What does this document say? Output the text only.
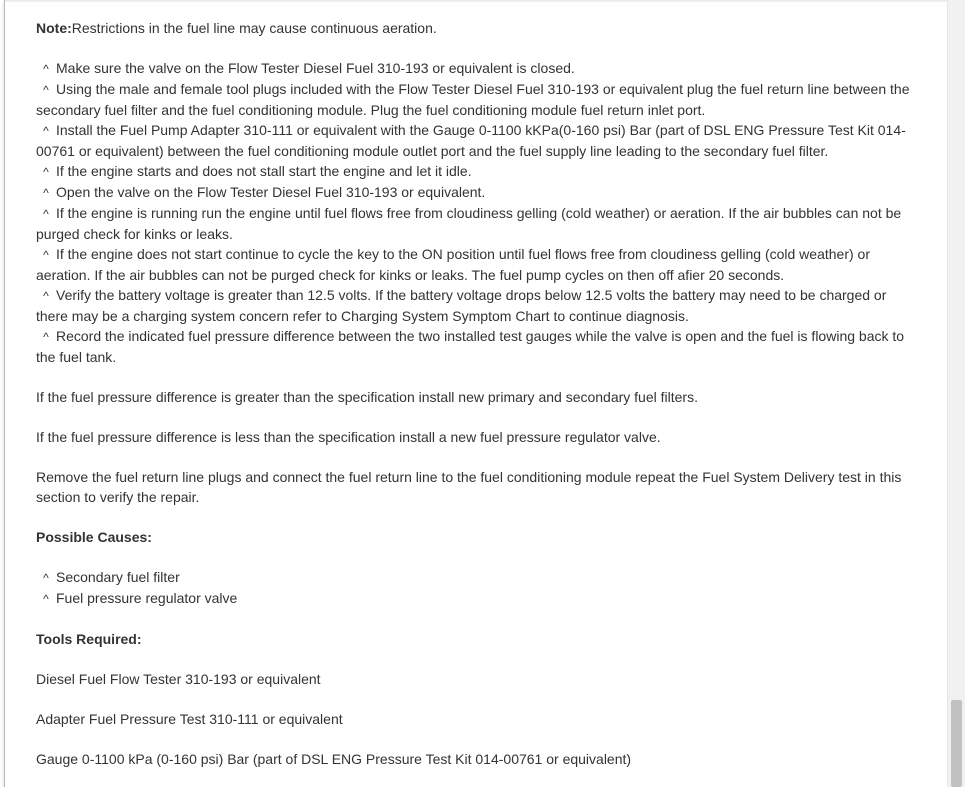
Note:Restrictions in the fuel line may cause continuous aeration.

^ Make sure the valve on the Flow Tester Diesel Fuel 310-193 or equivalent is closed.

^ Using the male and female tool plugs included with the Flow Tester Diesel Fuel 310-193 or equivalent plug the fuel return line between the secondary fuel filter and the fuel conditioning module. Plug the fuel conditioning module fuel return inlet port.

^ Install the Fuel Pump Adapter 310-111 or equivalent with the Gauge 0-1100 kKPa(0-160 psi) Bar (part of DSL ENG Pressure Test Kit 014-00761 or equivalent) between the fuel conditioning module outlet port and the fuel supply line leading to the secondary fuel filter.

^ If the engine starts and does not stall start the engine and let it idle.

^ Open the valve on the Flow Tester Diesel Fuel 310-193 or equivalent.

^ If the engine is running run the engine until fuel flows free from cloudiness gelling (cold weather) or aeration. If the air bubbles can not be purged check for kinks or leaks.

^ If the engine does not start continue to cycle the key to the ON position until fuel flows free from cloudiness gelling (cold weather) or aeration. If the air bubbles can not be purged check for kinks or leaks. The fuel pump cycles on then off afier 20 seconds.

^ Verify the battery voltage is greater than 12.5 volts. If the battery voltage drops below 12.5 volts the battery may need to be charged or there may be a charging system concern refer to Charging System Symptom Chart to continue diagnosis.

^ Record the indicated fuel pressure difference between the two installed test gauges while the valve is open and the fuel is flowing back to the fuel tank.

If the fuel pressure difference is greater than the specification install new primary and secondary fuel filters.

If the fuel pressure difference is less than the specification install a new fuel pressure regulator valve.

Remove the fuel return line plugs and connect the fuel return line to the fuel conditioning module repeat the Fuel System Delivery test in this section to verify the repair.

Possible Causes:

^ Secondary fuel filter

^ Fuel pressure regulator valve

Tools Required:

Diesel Fuel Flow Tester 310-193 or equivalent

Adapter Fuel Pressure Test 310-111 or equivalent

Gauge 0-1100 kPa (0-160 psi) Bar (part of DSL ENG Pressure Test Kit 014-00761 or equivalent)
